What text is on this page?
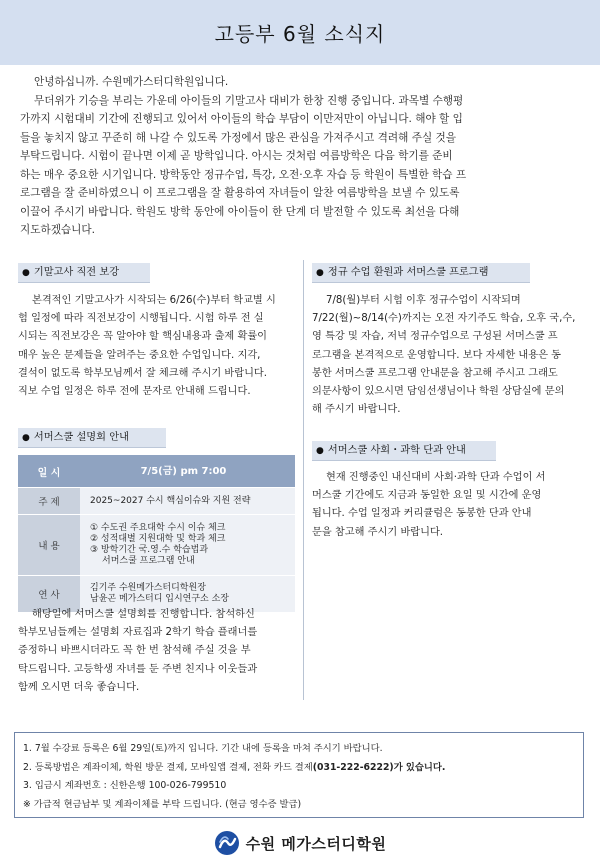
고등부 6월 소식지

안녕하십니까. 수원메가스터디학원입니다.

무더위가 기승을 부리는 가운데 아이들의 기말고사 대비가 한창 진행 중입니다. 과목별 수행평

가까지 시험대비 기간에 진행되고 있어서 아이들의 학습 부담이 이만저만이 아닙니다. 해야 할 입

들을 놓치지 않고 꾸준히 해 나갈 수 있도록 가정에서 많은 관심을 가져주시고 격려해 주실 것을

부탁드립니다. 시험이 끝나면 이제 곧 방학입니다. 아시는 것처럼 여름방학은 다음 학기를 준비

하는 매우 중요한 시기입니다. 방학동안 정규수업, 특강, 오전·오후 자습 등 학원이 특별한 학습 프

로그램을 잘 준비하였으니 이 프로그램을 잘 활용하여 자녀들이 알찬 여름방학을 보낼 수 있도록

이끌어 주시기 바랍니다. 학원도 방학 동안에 아이들이 한 단계 더 발전할 수 있도록 최선을 다해

지도하겠습니다.

● 기말고사 직전 보강

본격적인 기말고사가 시작되는 6/26(수)부터 학교별 시

험 일정에 따라 직전보강이 시행됩니다. 시험 하루 전 실

시되는 직전보강은 꼭 알아야 할 핵심내용과 출제 확률이

매우 높은 문제들을 알려주는 중요한 수업입니다. 지각,

결석이 없도록 학부모님께서 잘 체크해 주시기 바랍니다.

직보 수업 일정은 하루 전에 문자로 안내해 드립니다.

● 서머스쿨 설명회 안내
일 시	7/5(금) pm 7:00
주 제	2025~2027 수시 핵심이슈와 지원 전략
내 용	① 수도권 주요대학 수시 이슈 체크
② 성적대별 지원대학 및 학과 체크
③ 방학기간 국.영.수 학습법과
서머스쿨 프로그램 안내

연 사	김기주 수원메가스터디학원장
남윤곤 메가스터디 입시연구소 소장

해당일에 서머스쿨 설명회를 진행합니다. 참석하신

학부모님들께는 설명회 자료집과 2학기 학습 플래너를

증정하니 바쁘시더라도 꼭 한 번 참석해 주실 것을 부

탁드립니다. 고등학생 자녀를 둔 주변 친지나 이웃들과

함께 오시면 더욱 좋습니다.

● 정규 수업 환원과 서머스쿨 프로그램

7/8(월)부터 시험 이후 정규수업이 시작되며

7/22(월)~8/14(수)까지는 오전 자기주도 학습, 오후 국,수,

영 특강 및 자습, 저녁 정규수업으로 구성된 서머스쿨 프

로그램을 본격적으로 운영합니다. 보다 자세한 내용은 동

봉한 서머스쿨 프로그램 안내문을 참고해 주시고 그래도

의문사항이 있으시면 담임선생님이나 학원 상담실에 문의

해 주시기 바랍니다.

● 서머스쿨 사회・과학 단과 안내

현재 진행중인 내신대비 사회·과학 단과 수업이 서

머스쿨 기간에도 지금과 동일한 요일 및 시간에 운영

됩니다. 수업 일정과 커리큘럼은 동봉한 단과 안내

문을 참고해 주시기 바랍니다.

1. 7월 수강료 등록은 6월 29일(토)까지 입니다. 기간 내에 등록을 마쳐 주시기 바랍니다.

2. 등록방법은 계좌이체, 학원 방문 결제, 모바일앱 결제, 전화 카드 결제(031-222-6222)가 있습니다.

3. 입금시 계좌번호 : 신한은행 100-026-799510

※ 가급적 현금납부 및 계좌이체를 부탁 드립니다. (현금 영수증 발급)

수원 메가스터디학원
